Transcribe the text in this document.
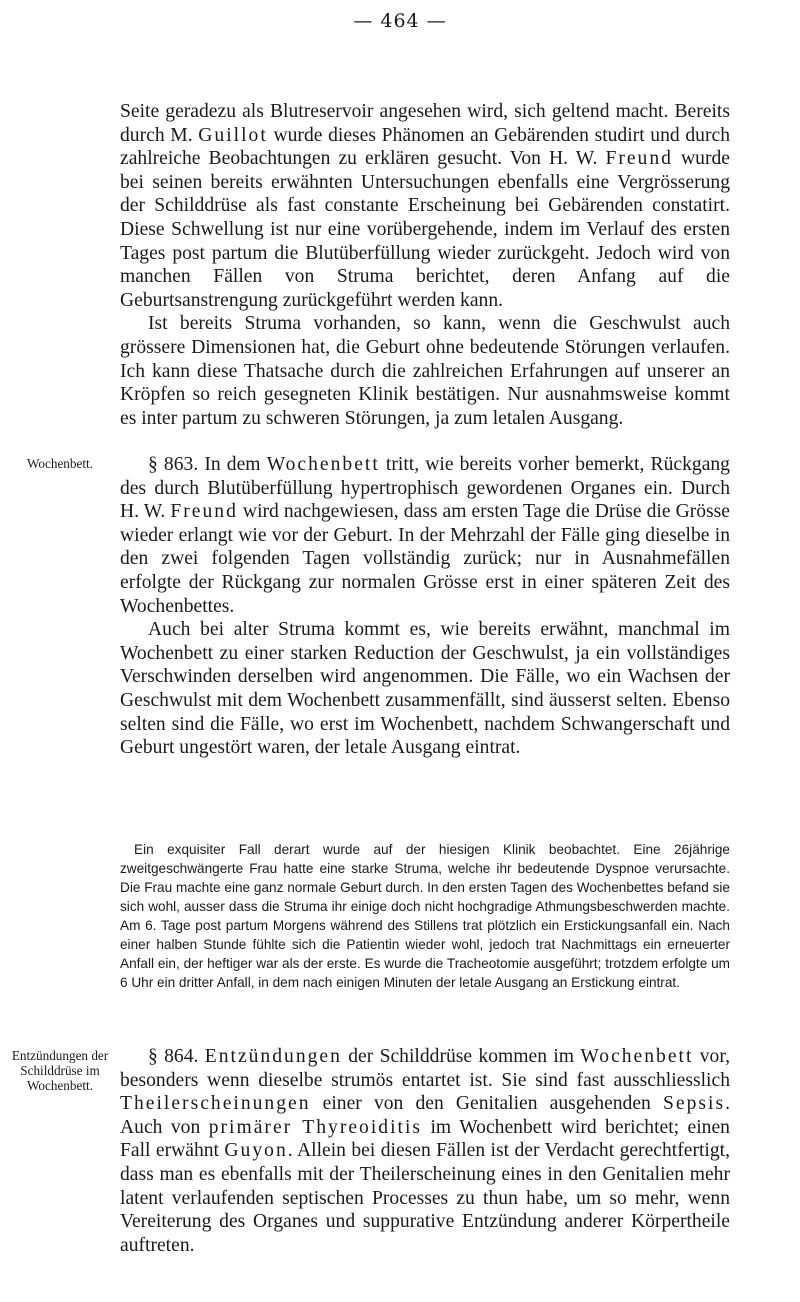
— 464 —

Seite geradezu als Blutreservoir angesehen wird, sich geltend macht. Bereits durch M. Guillot wurde dieses Phänomen an Gebärenden studirt und durch zahlreiche Beobachtungen zu erklären gesucht. Von H. W. Freund wurde bei seinen bereits erwähnten Untersuchungen ebenfalls eine Vergrösserung der Schilddrüse als fast constante Erscheinung bei Gebärenden constatirt. Diese Schwellung ist nur eine vorübergehende, indem im Verlauf des ersten Tages post partum die Blutüberfüllung wieder zurückgeht. Jedoch wird von manchen Fällen von Struma berichtet, deren Anfang auf die Geburtsanstrengung zurückgeführt werden kann.

Ist bereits Struma vorhanden, so kann, wenn die Geschwulst auch grössere Dimensionen hat, die Geburt ohne bedeutende Störungen verlaufen. Ich kann diese Thatsache durch die zahlreichen Erfahrungen auf unserer an Kröpfen so reich gesegneten Klinik bestätigen. Nur ausnahmsweise kommt es inter partum zu schweren Störungen, ja zum letalen Ausgang.

Wochenbett.	§ 863. In dem Wochenbett tritt, wie bereits vorher bemerkt, Rückgang des durch Blutüberfüllung hypertrophisch gewordenen Organes ein. Durch H. W. Freund wird nachgewiesen, dass am ersten Tage die Drüse die Grösse wieder erlangt wie vor der Geburt. In der Mehrzahl der Fälle ging dieselbe in den zwei folgenden Tagen vollständig zurück; nur in Ausnahmefällen erfolgte der Rückgang zur normalen Grösse erst in einer späteren Zeit des Wochenbettes.

Auch bei alter Struma kommt es, wie bereits erwähnt, manchmal im Wochenbett zu einer starken Reduction der Geschwulst, ja ein vollständiges Verschwinden derselben wird angenommen. Die Fälle, wo ein Wachsen der Geschwulst mit dem Wochenbett zusammenfällt, sind äusserst selten. Ebenso selten sind die Fälle, wo erst im Wochenbett, nachdem Schwangerschaft und Geburt ungestört waren, der letale Ausgang eintrat.

Ein exquisiter Fall derart wurde auf der hiesigen Klinik beobachtet. Eine 26jährige zweitgeschwängerte Frau hatte eine starke Struma, welche ihr bedeutende Dyspnoe verursachte. Die Frau machte eine ganz normale Geburt durch. In den ersten Tagen des Wochenbettes befand sie sich wohl, ausser dass die Struma ihr einige doch nicht hochgradige Athmungsbeschwerden machte. Am 6. Tage post partum Morgens während des Stillens trat plötzlich ein Erstickungsanfall ein. Nach einer halben Stunde fühlte sich die Patientin wieder wohl, jedoch trat Nachmittags ein erneuerter Anfall ein, der heftiger war als der erste. Es wurde die Tracheotomie ausgeführt; trotzdem erfolgte um 6 Uhr ein dritter Anfall, in dem nach einigen Minuten der letale Ausgang an Erstickung eintrat.

Entzündungen der Schilddrüse im Wochenbett.

§ 864. Entzündungen der Schilddrüse kommen im Wochenbett vor, besonders wenn dieselbe strumös entartet ist. Sie sind fast ausschliesslich Theilerscheinungen einer von den Genitalien ausgehenden Sepsis. Auch von primärer Thyreoiditis im Wochenbett wird berichtet; einen Fall erwähnt Guyon. Allein bei diesen Fällen ist der Verdacht gerechtfertigt, dass man es ebenfalls mit der Theilerscheinung eines in den Genitalien mehr latent verlaufenden septischen Processes zu thun habe, um so mehr, wenn Vereiterung des Organes und suppurative Entzündung anderer Körpertheile auftreten.
